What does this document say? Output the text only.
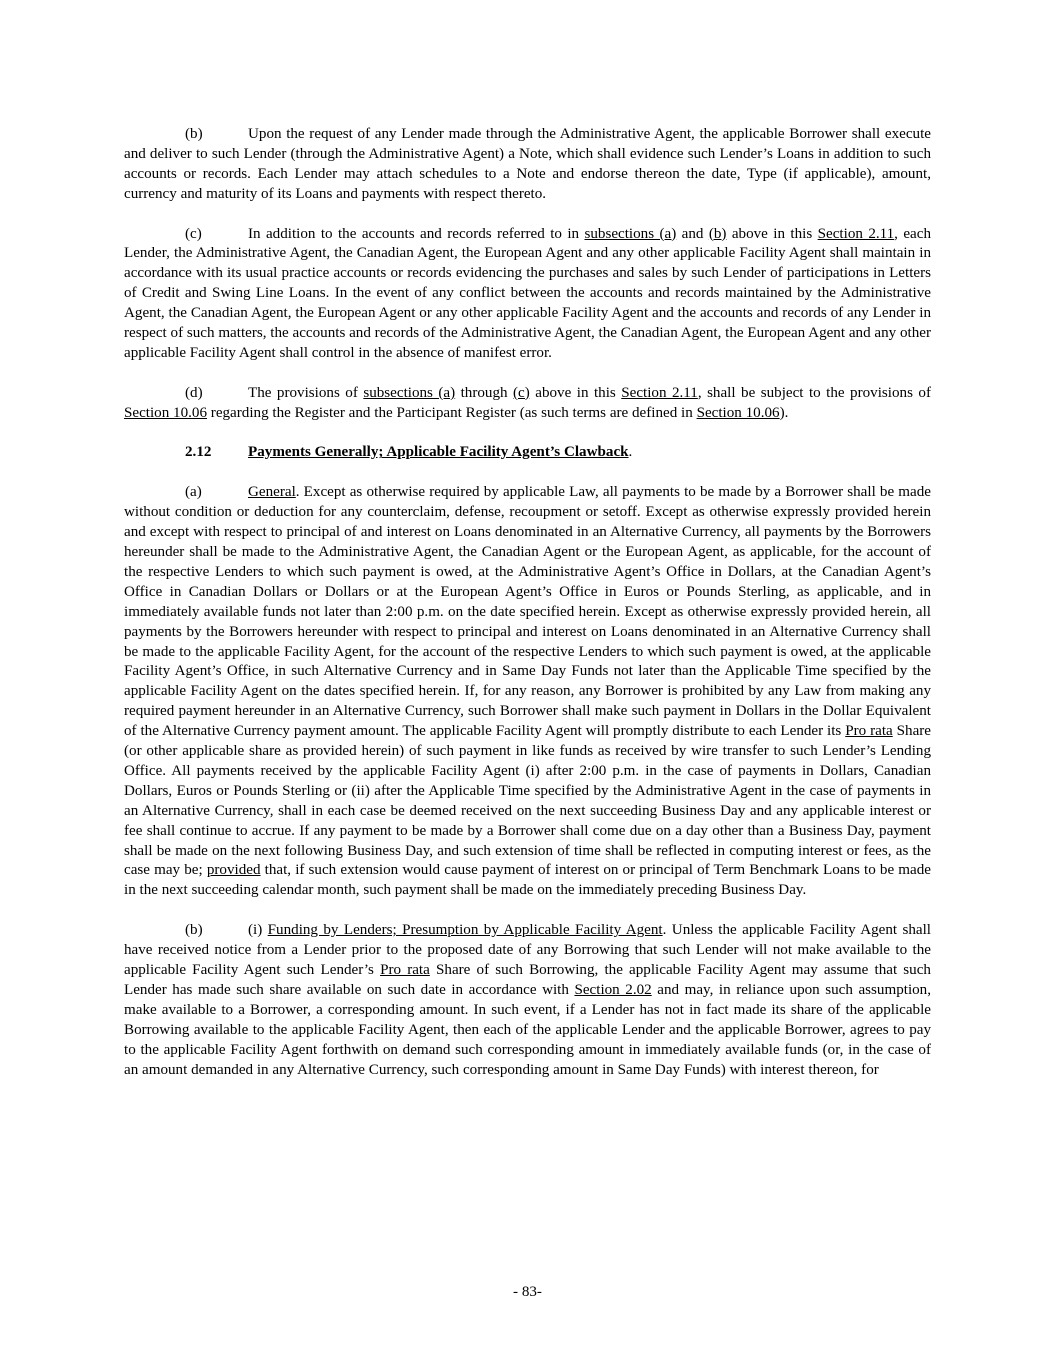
(b)	Upon the request of any Lender made through the Administrative Agent, the applicable Borrower shall execute and deliver to such Lender (through the Administrative Agent) a Note, which shall evidence such Lender’s Loans in addition to such accounts or records. Each Lender may attach schedules to a Note and endorse thereon the date, Type (if applicable), amount, currency and maturity of its Loans and payments with respect thereto.

(c)	In addition to the accounts and records referred to in subsections (a) and (b) above in this Section 2.11, each Lender, the Administrative Agent, the Canadian Agent, the European Agent and any other applicable Facility Agent shall maintain in accordance with its usual practice accounts or records evidencing the purchases and sales by such Lender of participations in Letters of Credit and Swing Line Loans. In the event of any conflict between the accounts and records maintained by the Administrative Agent, the Canadian Agent, the European Agent or any other applicable Facility Agent and the accounts and records of any Lender in respect of such matters, the accounts and records of the Administrative Agent, the Canadian Agent, the European Agent and any other applicable Facility Agent shall control in the absence of manifest error.

(d)	The provisions of subsections (a) through (c) above in this Section 2.11, shall be subject to the provisions of Section 10.06 regarding the Register and the Participant Register (as such terms are defined in Section 10.06).

2.12 Payments Generally; Applicable Facility Agent’s Clawback.

(a)	General. Except as otherwise required by applicable Law, all payments to be made by a Borrower shall be made without condition or deduction for any counterclaim, defense, recoupment or setoff. Except as otherwise expressly provided herein and except with respect to principal of and interest on Loans denominated in an Alternative Currency, all payments by the Borrowers hereunder shall be made to the Administrative Agent, the Canadian Agent or the European Agent, as applicable, for the account of the respective Lenders to which such payment is owed, at the Administrative Agent’s Office in Dollars, at the Canadian Agent’s Office in Canadian Dollars or Dollars or at the European Agent’s Office in Euros or Pounds Sterling, as applicable, and in immediately available funds not later than 2:00 p.m. on the date specified herein. Except as otherwise expressly provided herein, all payments by the Borrowers hereunder with respect to principal and interest on Loans denominated in an Alternative Currency shall be made to the applicable Facility Agent, for the account of the respective Lenders to which such payment is owed, at the applicable Facility Agent’s Office, in such Alternative Currency and in Same Day Funds not later than the Applicable Time specified by the applicable Facility Agent on the dates specified herein. If, for any reason, any Borrower is prohibited by any Law from making any required payment hereunder in an Alternative Currency, such Borrower shall make such payment in Dollars in the Dollar Equivalent of the Alternative Currency payment amount. The applicable Facility Agent will promptly distribute to each Lender its Pro rata Share (or other applicable share as provided herein) of such payment in like funds as received by wire transfer to such Lender’s Lending Office. All payments received by the applicable Facility Agent (i) after 2:00 p.m. in the case of payments in Dollars, Canadian Dollars, Euros or Pounds Sterling or (ii) after the Applicable Time specified by the Administrative Agent in the case of payments in an Alternative Currency, shall in each case be deemed received on the next succeeding Business Day and any applicable interest or fee shall continue to accrue. If any payment to be made by a Borrower shall come due on a day other than a Business Day, payment shall be made on the next following Business Day, and such extension of time shall be reflected in computing interest or fees, as the case may be; provided that, if such extension would cause payment of interest on or principal of Term Benchmark Loans to be made in the next succeeding calendar month, such payment shall be made on the immediately preceding Business Day.

(b)	(i) Funding by Lenders; Presumption by Applicable Facility Agent. Unless the applicable Facility Agent shall have received notice from a Lender prior to the proposed date of any Borrowing that such Lender will not make available to the applicable Facility Agent such Lender’s Pro rata Share of such Borrowing, the applicable Facility Agent may assume that such Lender has made such share available on such date in accordance with Section 2.02 and may, in reliance upon such assumption, make available to a Borrower, a corresponding amount. In such event, if a Lender has not in fact made its share of the applicable Borrowing available to the applicable Facility Agent, then each of the applicable Lender and the applicable Borrower, agrees to pay to the applicable Facility Agent forthwith on demand such corresponding amount in immediately available funds (or, in the case of an amount demanded in any Alternative Currency, such corresponding amount in Same Day Funds) with interest thereon, for

- 83-
